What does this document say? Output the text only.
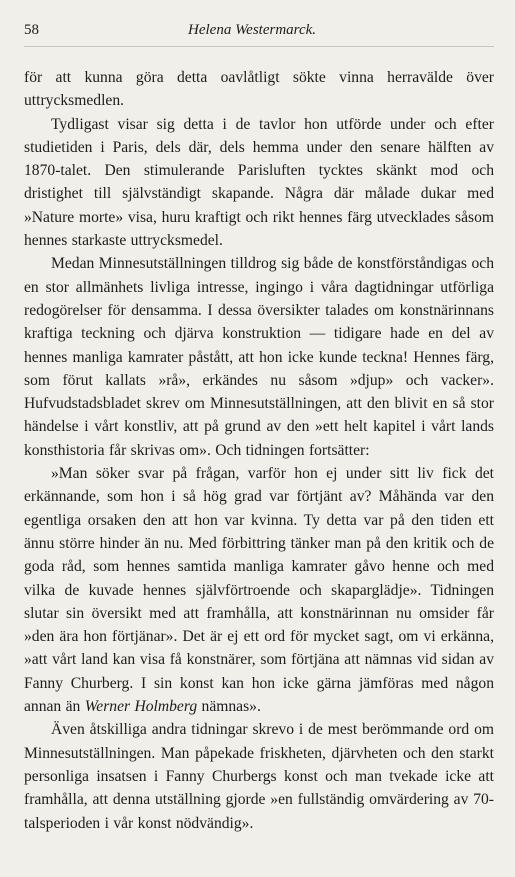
58	Helena Westermarck.

för att kunna göra detta oavlåtligt sökte vinna herravälde över uttrycksmedlen.

Tydligast visar sig detta i de tavlor hon utförde under och efter studietiden i Paris, dels där, dels hemma under den senare hälften av 1870-talet. Den stimulerande Parisluften tycktes skänkt mod och dristighet till självständigt skapande. Några där målade dukar med »Nature morte» visa, huru kraftigt och rikt hennes färg utvecklades såsom hennes starkaste uttrycksmedel.

Medan Minnesutställningen tilldrog sig både de konstförståndigas och en stor allmänhets livliga intresse, ingingo i våra dagtidningar utförliga redogörelser för densamma. I dessa översikter talades om konstnärinnans kraftiga teckning och djärva konstruktion — tidigare hade en del av hennes manliga kamrater påstått, att hon icke kunde teckna! Hennes färg, som förut kallats »rå», erkändes nu såsom »djup» och vacker». Hufvudstadsbladet skrev om Minnesutställningen, att den blivit en så stor händelse i vårt konstliv, att på grund av den »ett helt kapitel i vårt lands konsthistoria får skrivas om». Och tidningen fortsätter:

»Man söker svar på frågan, varför hon ej under sitt liv fick det erkännande, som hon i så hög grad var förtjänt av? Måhända var den egentliga orsaken den att hon var kvinna. Ty detta var på den tiden ett ännu större hinder än nu. Med förbittring tänker man på den kritik och de goda råd, som hennes samtida manliga kamrater gåvo henne och med vilka de kuvade hennes självförtroende och skaparglädje». Tidningen slutar sin översikt med att framhålla, att konstnärinnan nu omsider får »den ära hon förtjänar». Det är ej ett ord för mycket sagt, om vi erkänna, »att vårt land kan visa få konstnärer, som förtjäna att nämnas vid sidan av Fanny Churberg. I sin konst kan hon icke gärna jämföras med någon annan än Werner Holmberg nämnas».

Även åtskilliga andra tidningar skrevo i de mest berömmande ord om Minnesutställningen. Man påpekade friskheten, djärvheten och den starkt personliga insatsen i Fanny Churbergs konst och man tvekade icke att framhålla, att denna utställning gjorde »en fullständig omvärdering av 70-talsperioden i vår konst nödvändig».
